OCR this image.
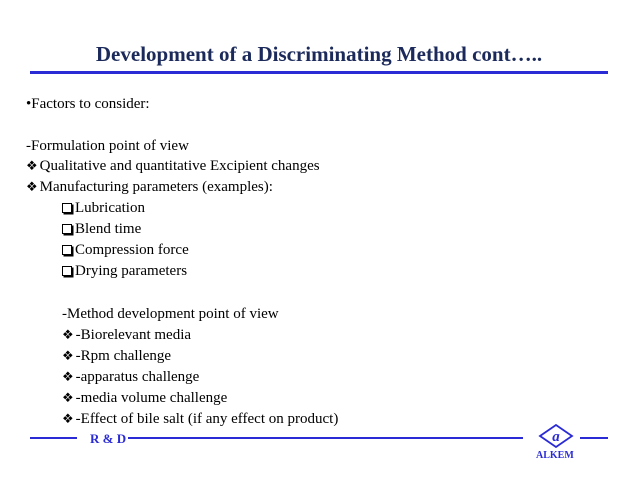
Development of a Discriminating Method cont…..
•Factors to consider:
-Formulation point of view
❖ Qualitative and quantitative Excipient changes
❖ Manufacturing parameters (examples):
Lubrication
Blend time
Compression force
Drying parameters
-Method development point of view
❖ -Biorelevant media
❖ -Rpm challenge
❖ -apparatus challenge
❖ -media volume challenge
❖ -Effect of bile salt (if any effect on product)
R & D	a
ALKEM
